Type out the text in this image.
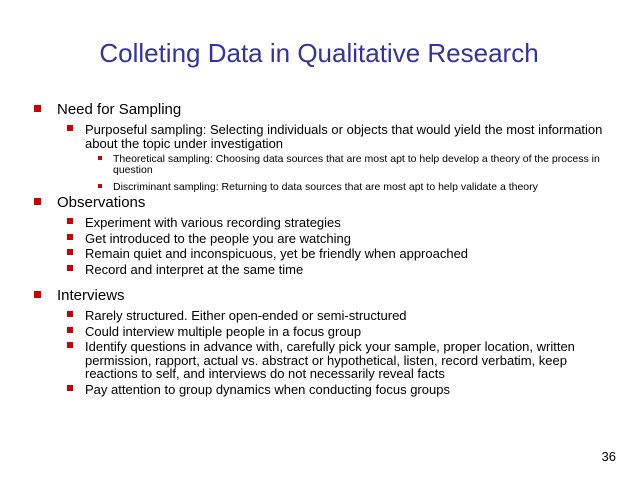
Colleting Data in Qualitative Research
Need for Sampling
Purposeful sampling: Selecting individuals or objects that would yield the most information about the topic under investigation
Theoretical sampling: Choosing data sources that are most apt to help develop a theory of the process in question
Discriminant sampling: Returning to data sources that are most apt to help validate a theory
Observations
Experiment with various recording strategies
Get introduced to the people you are watching
Remain quiet and inconspicuous, yet be friendly when approached
Record and interpret at the same time
Interviews
Rarely structured. Either open-ended or semi-structured
Could interview multiple people in a focus group
Identify questions in advance with, carefully pick your sample, proper location, written permission, rapport, actual vs. abstract or hypothetical, listen, record verbatim, keep reactions to self, and interviews do not necessarily reveal facts
Pay attention to group dynamics when conducting focus groups
36
